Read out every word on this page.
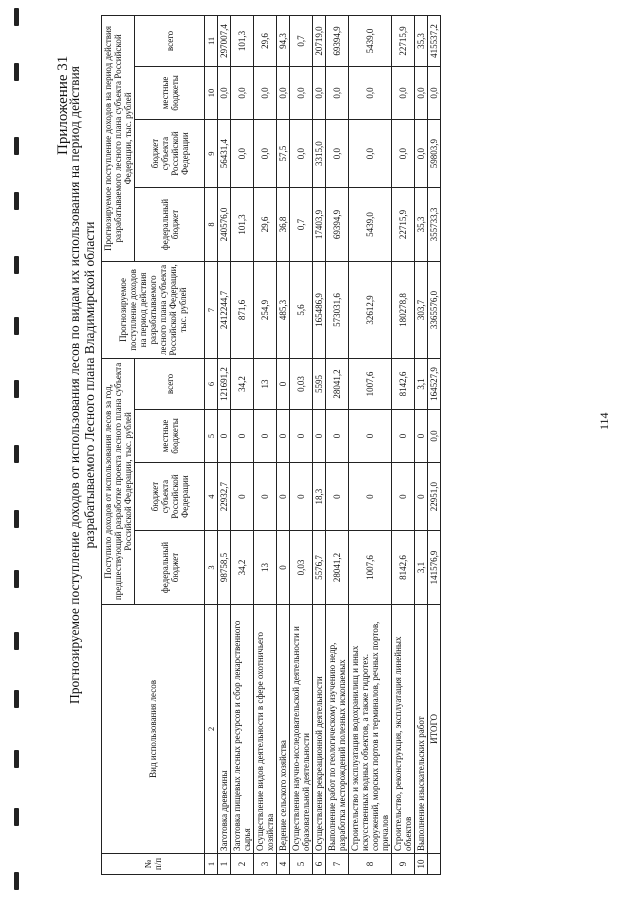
Приложение 31
Прогнозируемое поступление доходов от использования лесов по видам их использования на период действия разрабатываемого Лесного плана Владимирской области
№ п/п	Вид использования лесов	Поступило доходов от использования лесов за год, предшествующий разработке проекта лесного плана субъекта Российской Федерации, тыс. рублей				Прогнозируемое поступление доходов на период действия разрабатываемого лесного плана субъекта Российской Федерации, тыс. рублей	Прогнозируемое поступление доходов на период действия разрабатываемого лесного плана субъекта Российской Федерации, тыс. рублей			
		федеральный бюджет	бюджет субъекта Российской Федерации	местные бюджеты	всего		федеральный бюджет	бюджет субъекта Российской Федерации	местные бюджеты	всего
1	2	3	4	5	6	7	8	9	10	11
1	Заготовка древесины	98758,5	22932,7	0	121691,2	2412244,7	240576,0	56431,4	0,0	297007,4
2	Заготовка пищевых лесных ресурсов и сбор лекарственного сырья	34,2	0	0	34,2	871,6	101,3	0,0	0,0	101,3
3	Осуществление видов деятельности в сфере охотничьего хозяйства	13	0	0	13	254,9	29,6	0,0	0,0	29,6
4	Ведение сельского хозяйства	0	0	0	0	485,3	36,8	57,5	0,0	94,3
5	Осуществление научно-исследовательской деятельности и образовательной деятельности	0,03	0	0	0,03	5,6	0,7	0,0	0,0	0,7
6	Осуществление рекреационной деятельности	5576,7	18,3	0	5595	165486,9	17403,9	3315,0	0,0	20719,0
7	Выполнение работ по геологическому изучению недр, разработка месторождений полезных ископаемых	28041,2	0	0	28041,2	573031,6	69394,9	0,0	0,0	69394,9
8	Строительство и эксплуатация водохранилищ и иных искусственных водных объектов, а также гидротех. сооружений, морских портов и терминалов, речных портов, причалов	1007,6	0	0	1007,6	32612,9	5439,0	0,0	0,0	5439,0
9	Строительство, реконструкция, эксплуатация линейных объектов	8142,6	0	0	8142,6	180278,8	22715,9	0,0	0,0	22715,9
10	Выполнение изыскательских работ	3,1	0	0	3,1	303,7	35,3	0,0	0,0	35,3
	ИТОГО	141576,9	22951,0	0,0	164527,9	3365576,0	355733,3	59803,9	0,0	415537,2
114
